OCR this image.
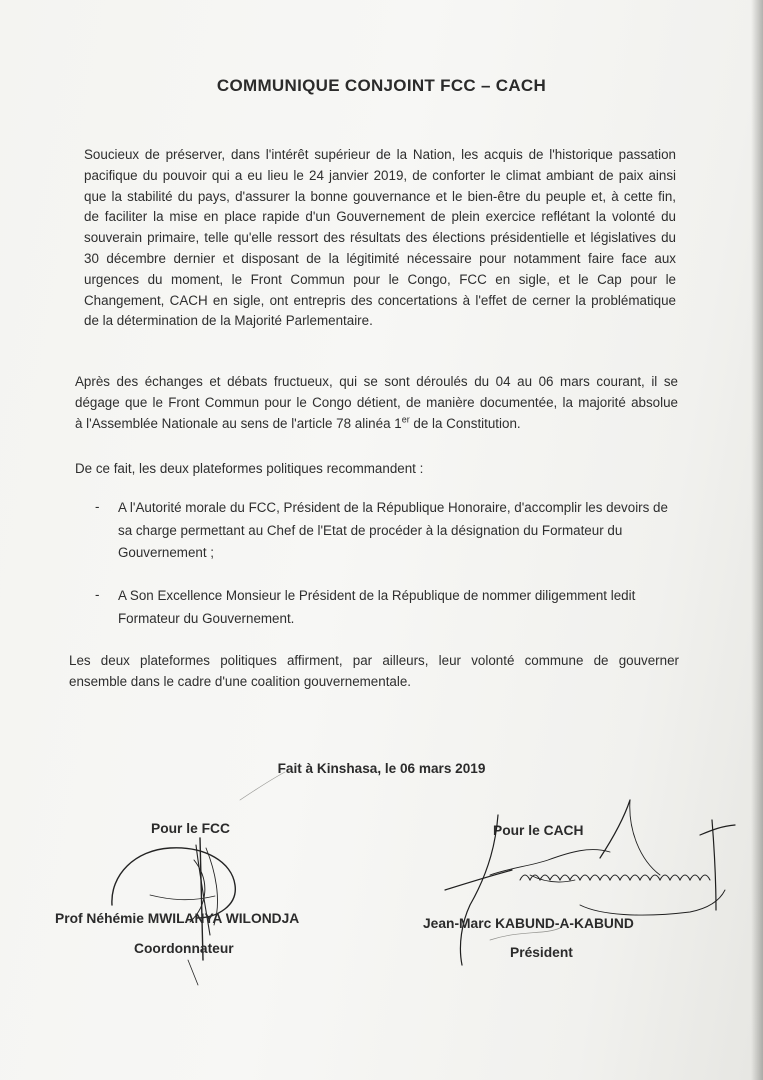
COMMUNIQUE CONJOINT FCC – CACH
Soucieux de préserver, dans l'intérêt supérieur de la Nation, les acquis de l'historique passation
pacifique du pouvoir qui a eu lieu le 24 janvier 2019, de conforter le climat ambiant de paix ainsi
que la stabilité du pays, d'assurer la bonne gouvernance et le bien-être du peuple et, à cette fin,
de faciliter la mise en place rapide d'un Gouvernement de plein exercice reflétant la volonté du
souverain primaire, telle qu'elle ressort des résultats des élections présidentielle et législatives du
30 décembre dernier et disposant de la légitimité nécessaire pour notamment faire face aux
urgences du moment, le Front Commun pour le Congo, FCC en sigle, et le Cap pour le
Changement, CACH en sigle, ont entrepris des concertations à l'effet de cerner la problématique
de la détermination de la Majorité Parlementaire.
Après des échanges et débats fructueux, qui se sont déroulés du 04 au 06 mars courant, il se
dégage que le Front Commun pour le Congo détient, de manière documentée, la majorité absolue
à l'Assemblée Nationale au sens de l'article 78 alinéa 1er de la Constitution.
De ce fait, les deux plateformes politiques recommandent :
- A l'Autorité morale du FCC, Président de la République Honoraire, d'accomplir les devoirs de sa charge permettant au Chef de l'Etat de procéder à la désignation du Formateur du Gouvernement ;
- A Son Excellence Monsieur le Président de la République de nommer diligemment ledit Formateur du Gouvernement.
Les deux plateformes politiques affirment, par ailleurs, leur volonté commune de gouverner
ensemble dans le cadre d'une coalition gouvernementale.
Fait à Kinshasa, le 06 mars 2019
Pour le FCC	Pour le CACH
Prof Néhémie MWILANYA WILONDJA
Coordonnateur
Jean-Marc KABUND-A-KABUND
Président
